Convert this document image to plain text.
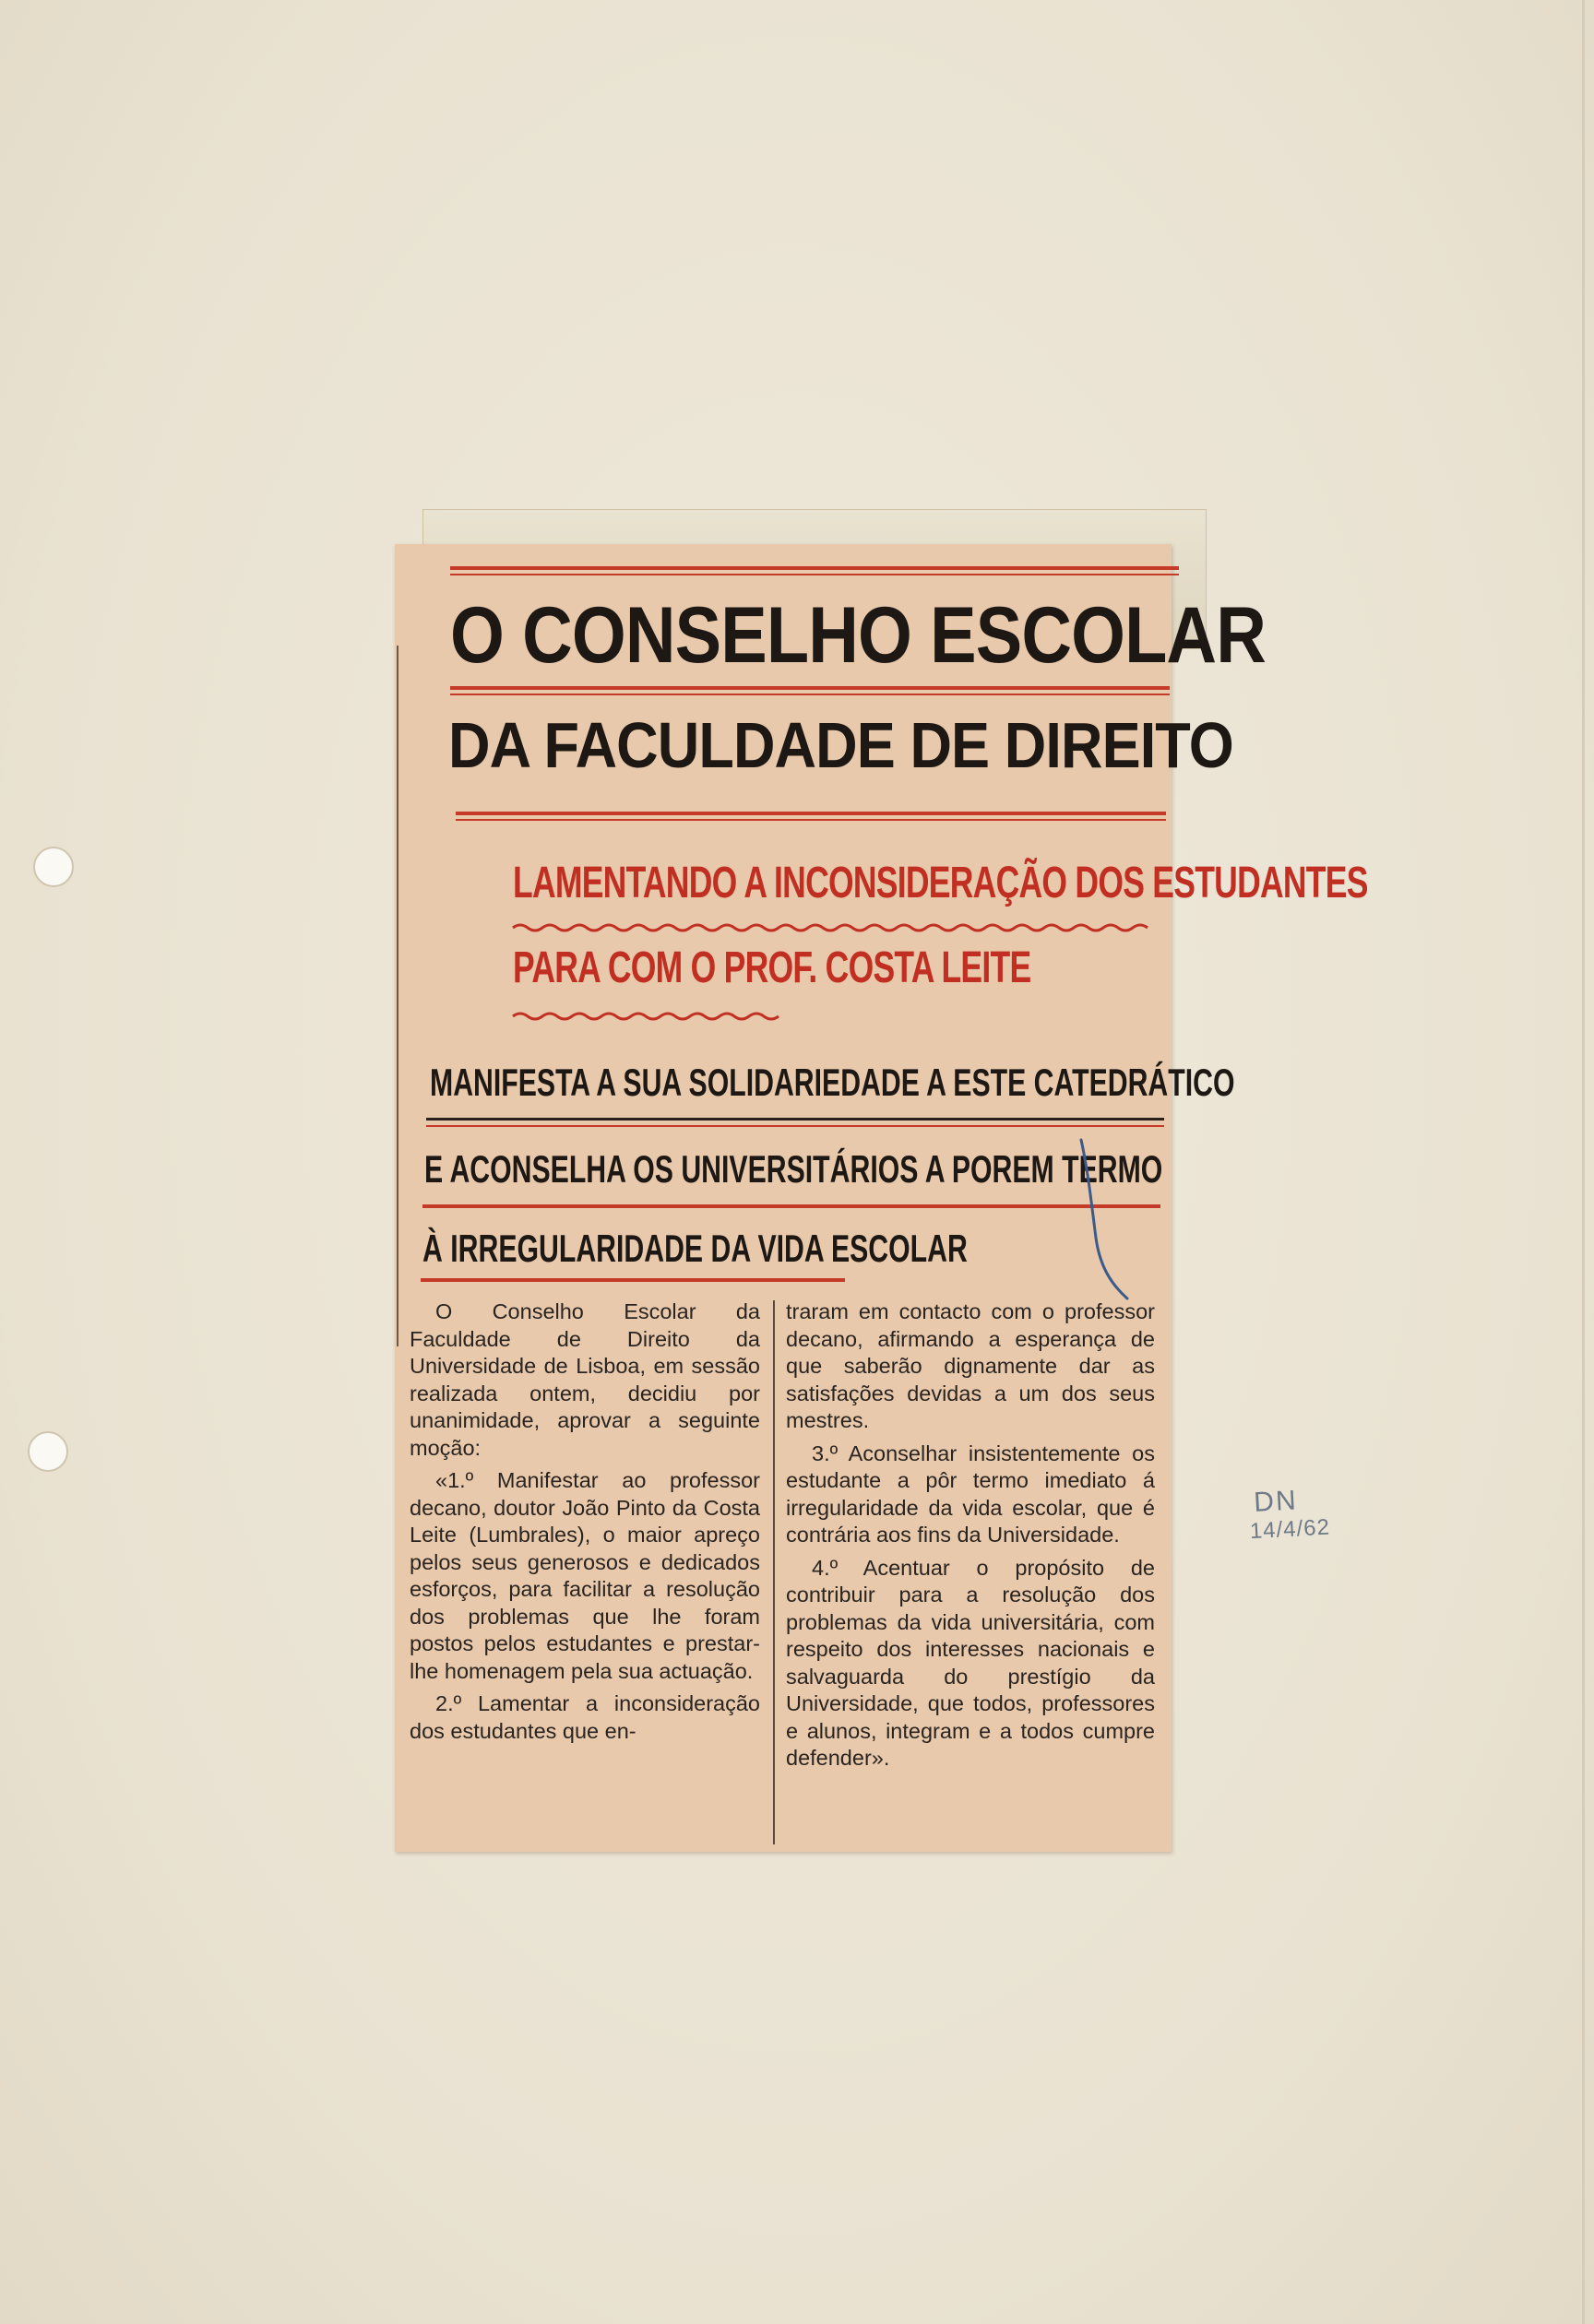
O CONSELHO ESCOLAR
DA FACULDADE DE DIREITO
LAMENTANDO A INCONSIDERAÇÃO DOS ESTUDANTES
PARA COM O PROF. COSTA LEITE
MANIFESTA A SUA SOLIDARIEDADE A ESTE CATEDRÁTICO
E ACONSELHA OS UNIVERSITÁRIOS A POREM TERMO
À IRREGULARIDADE DA VIDA ESCOLAR

O Conselho Escolar da Faculdade de Direito da Universidade de Lisboa, em sessão realizada ontem, decidiu por unanimidade, aprovar a seguinte moção:

«1.º Manifestar ao professor decano, doutor João Pinto da Costa Leite (Lumbrales), o maior apreço pelos seus generosos e dedicados esforços, para facilitar a resolução dos problemas que lhe foram postos pelos estudantes e prestar-lhe homenagem pela sua actuação.

2.º Lamentar a inconsideração dos estudantes que en-

traram em contacto com o professor decano, afirmando a esperança de que saberão dignamente dar as satisfações devidas a um dos seus mestres.

3.º Aconselhar insistentemente os estudante a pôr termo imediato á irregularidade da vida escolar, que é contrária aos fins da Universidade.

4.º Acentuar o propósito de contribuir para a resolução dos problemas da vida universitária, com respeito dos interesses nacionais e salvaguarda do prestígio da Universidade, que todos, professores e alunos, integram e a todos cumpre defender».

DN
14/4/62
